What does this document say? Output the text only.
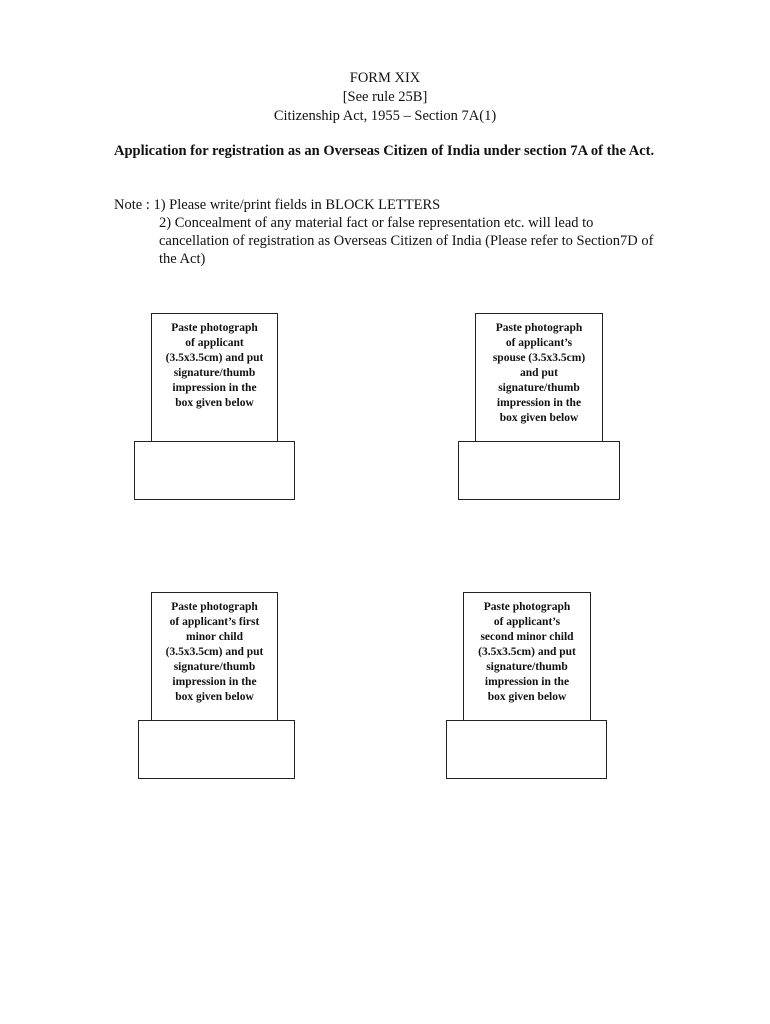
FORM XIX
[See rule 25B]
Citizenship Act, 1955 – Section 7A(1)
Application for registration as an Overseas Citizen of India under section 7A of the Act.
Note : 1) Please write/print fields in BLOCK LETTERS
2) Concealment of any material fact or false representation etc. will lead to cancellation of registration as Overseas Citizen of India (Please refer to Section7D of the Act)
Paste photograph
of applicant
(3.5x3.5cm) and put
signature/thumb
impression in the
box given below
Paste photograph
of applicant’s
spouse (3.5x3.5cm)
and put
signature/thumb
impression in the
box given below
Paste photograph
of applicant’s first
minor child
(3.5x3.5cm) and put
signature/thumb
impression in the
box given below
Paste photograph
of applicant’s
second minor child
(3.5x3.5cm) and put
signature/thumb
impression in the
box given below
